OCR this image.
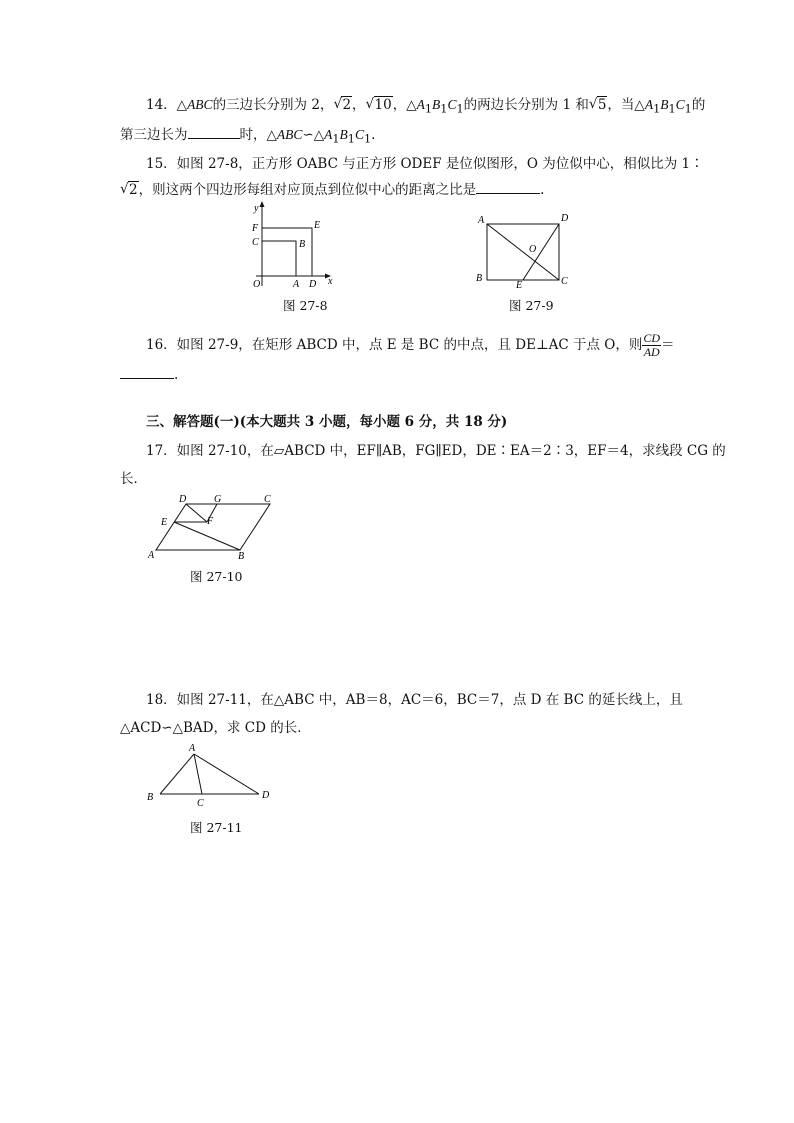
14．△ABC的三边长分别为 2， √ 2， √ 10，$\triangle A_1B_1C_1$的两边长分别为 1 和 √ 5，当$\triangle A_1B_1C_1$的
第三边长为	时，$\triangle ABC∽\triangle A_1B_1C_1$.
15．如图 27-8，正方形 OABC 与正方形 ODEF 是位似图形，O 为位似中心，相似比为 1∶
√ 2，则这两个四边形每组对应顶点到位似中心的距离之比是	.
y
F	E
C	B
O	A D x
图 27-8
A	D
O
B
E	C
图 27-9
16．如图 27-9，在矩形 ABCD 中，点 E 是 BC 的中点，且 DE⊥AC 于点 O，则 $\frac{CD}{AD}$ ＝
.
三、解答题(一)(本大题共 3 小题，每小题 6 分，共 18 分)
17．如图 27-10，在▱ABCD 中，EF∥AB，FG∥ED，DE∶EA＝2∶3，EF＝4，求线段 CG 的
长．
D	G	C
E	F
A	B
图 27-10
18．如图 27-11，在△ABC 中，AB＝8，AC＝6，BC＝7，点 D 在 BC 的延长线上，且
△ACD∽△BAD，求 CD 的长．
A
B
C
D
图 27-11
